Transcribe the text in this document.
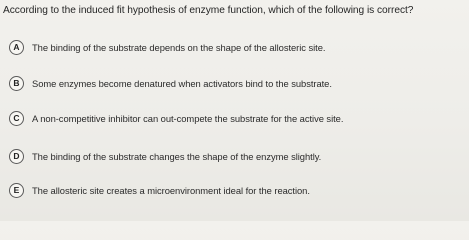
According to the induced fit hypothesis of enzyme function, which of the following is correct?
A	The binding of the substrate depends on the shape of the allosteric site.
B	Some enzymes become denatured when activators bind to the substrate.
C	A non-competitive inhibitor can out-compete the substrate for the active site.
D	The binding of the substrate changes the shape of the enzyme slightly.
E	The allosteric site creates a microenvironment ideal for the reaction.
